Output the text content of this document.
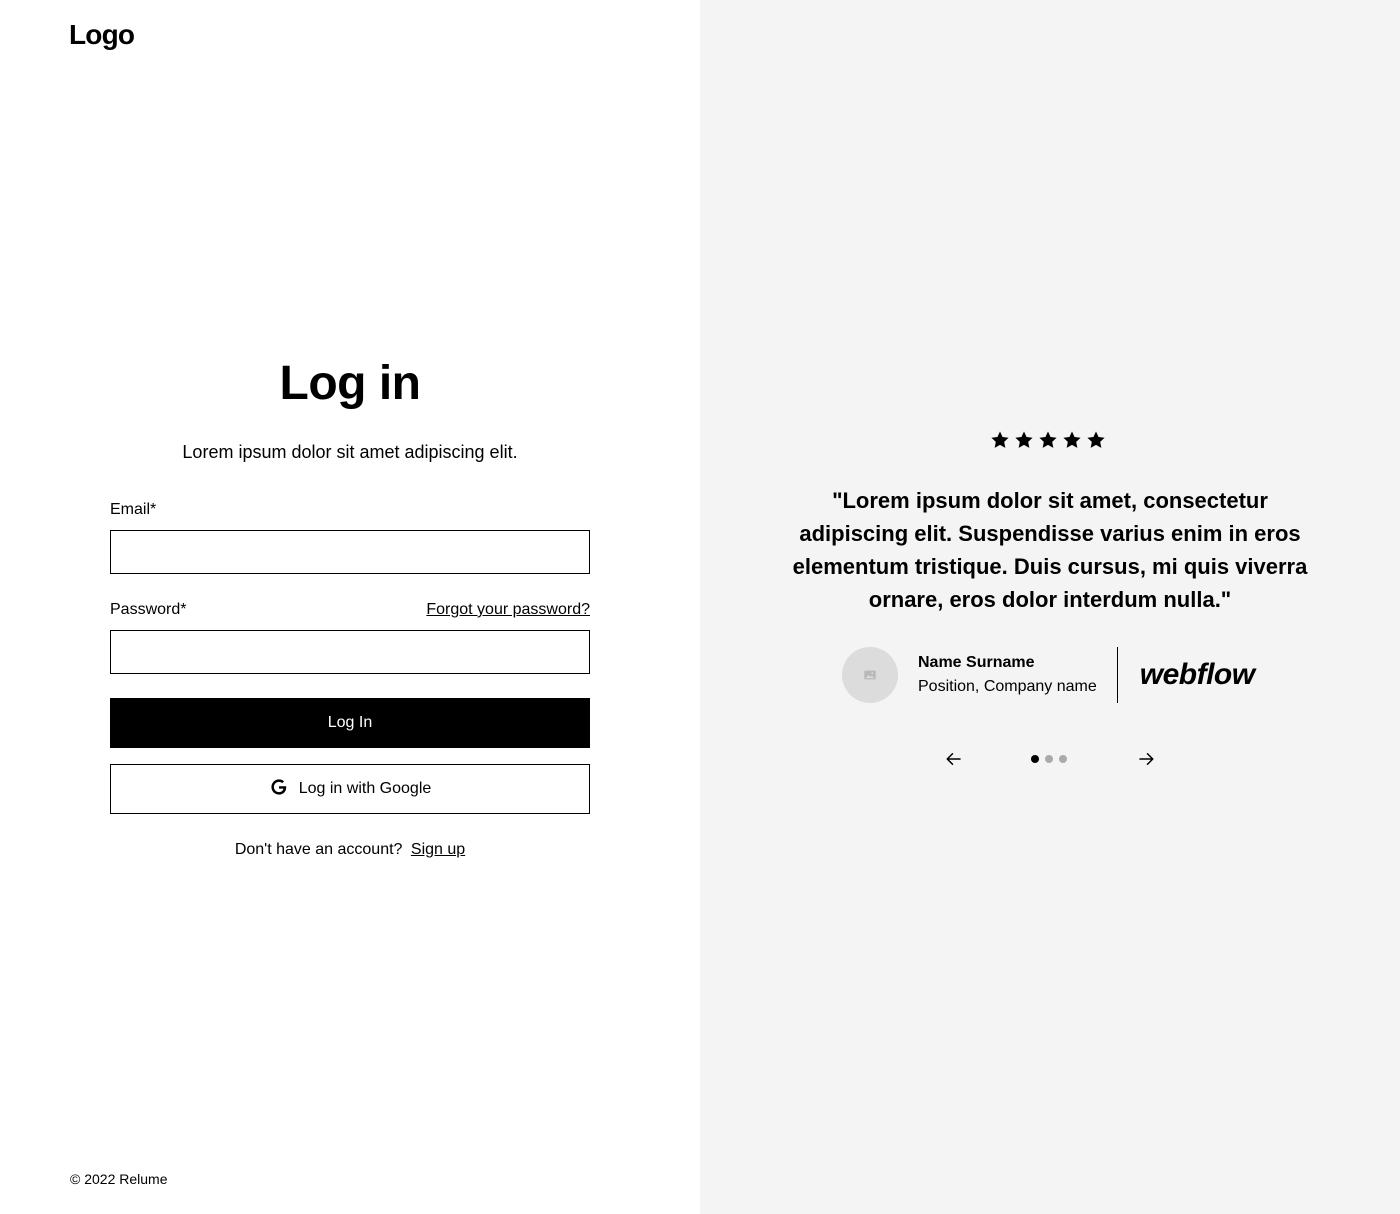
Logo
Log in

Lorem ipsum dolor sit amet adipiscing elit.

Email*
Password*	Forgot your password?
Log In
Log in with Google
Don't have an account? Sign up
© 2022 Relume

"Lorem ipsum dolor sit amet, consectetur adipiscing elit. Suspendisse varius enim in eros elementum tristique. Duis cursus, mi quis viverra ornare, eros dolor interdum nulla."

Name Surname
Position, Company name webflow
